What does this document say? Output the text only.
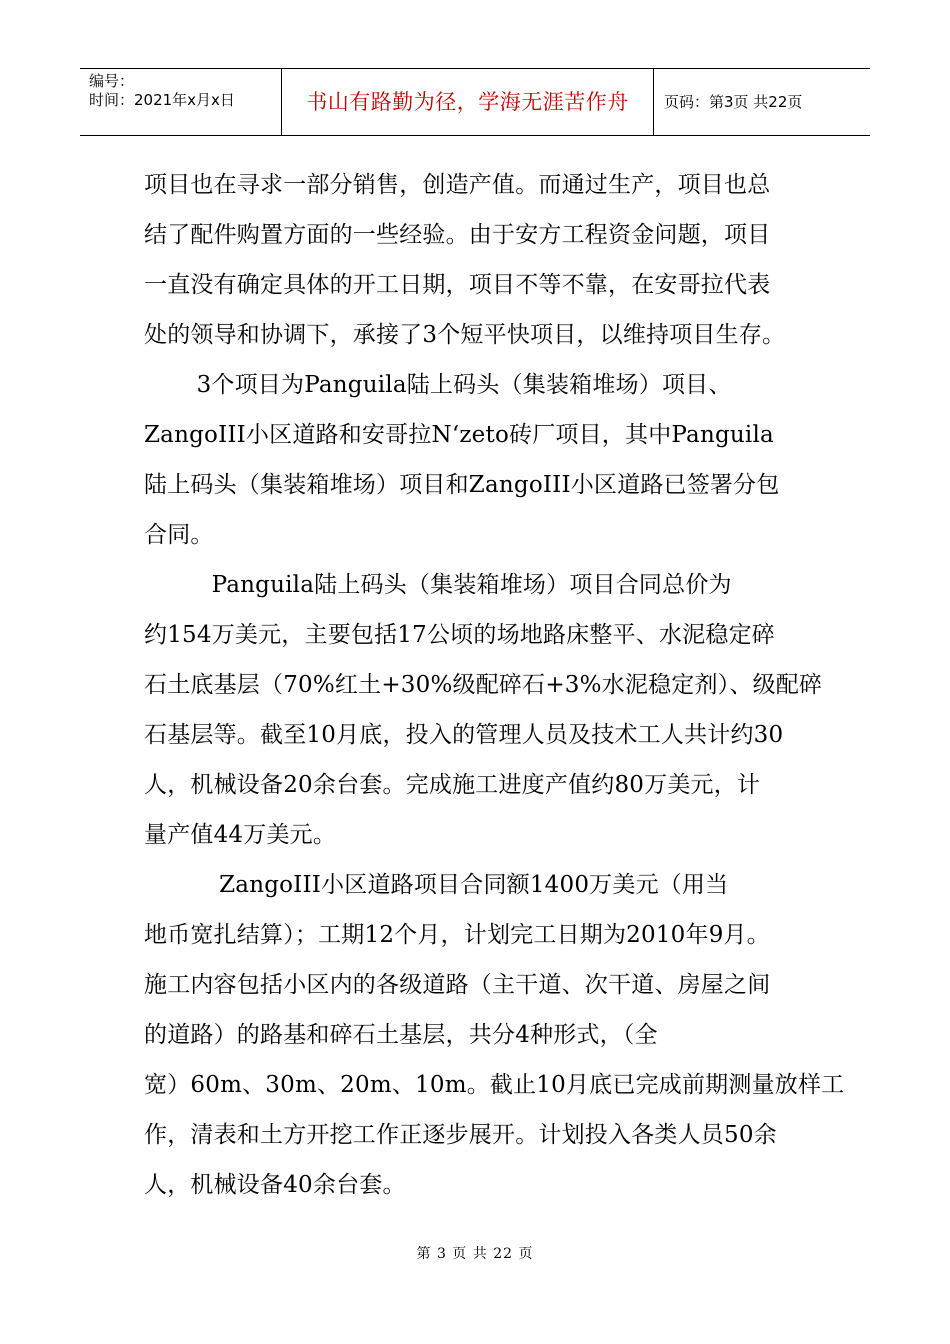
编号：
时间：2021年x月x日	书山有路勤为径，学海无涯苦作舟	页码：第3页 共22页
项目也在寻求一部分销售，创造产值。而通过生产，项目也总
结了配件购置方面的一些经验。由于安方工程资金问题，项目
一直没有确定具体的开工日期，项目不等不靠，在安哥拉代表
处的领导和协调下，承接了3个短平快项目，以维持项目生存。
3个项目为Panguila陆上码头（集装箱堆场）项目、
ZangoIII小区道路和安哥拉N‘zeto砖厂项目，其中Panguila
陆上码头（集装箱堆场）项目和ZangoIII小区道路已签署分包
合同。
Panguila陆上码头（集装箱堆场）项目合同总价为
约154万美元，主要包括17公顷的场地路床整平、水泥稳定碎
石土底基层（70%红土+30%级配碎石+3%水泥稳定剂）、级配碎
石基层等。截至10月底，投入的管理人员及技术工人共计约30
人，机械设备20余台套。完成施工进度产值约80万美元，计
量产值44万美元。
ZangoIII小区道路项目合同额1400万美元（用当
地币宽扎结算）；工期12个月，计划完工日期为2010年9月。
施工内容包括小区内的各级道路（主干道、次干道、房屋之间
的道路）的路基和碎石土基层，共分4种形式，（全
宽）60m、30m、20m、10m。截止10月底已完成前期测量放样工
作，清表和土方开挖工作正逐步展开。计划投入各类人员50余
人，机械设备40余台套。
第 3 页 共 22 页
